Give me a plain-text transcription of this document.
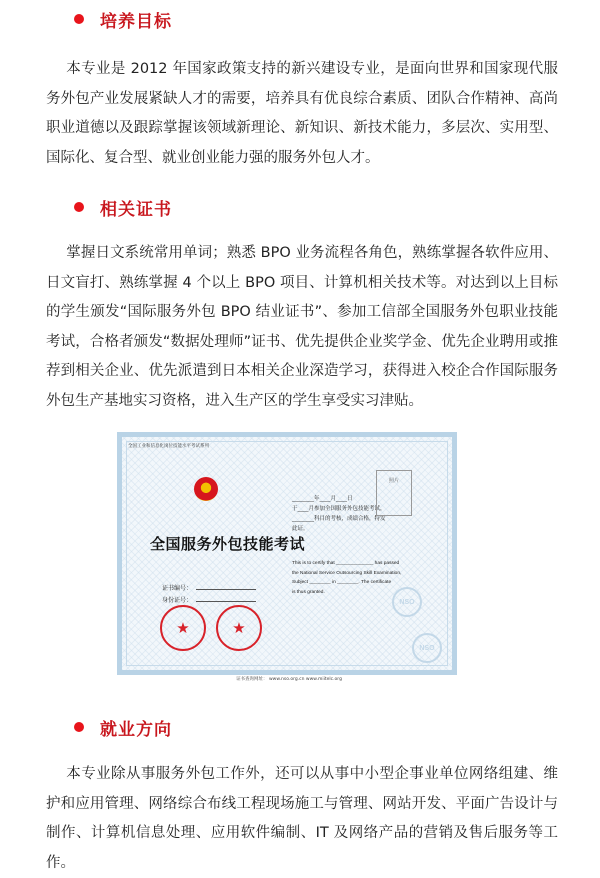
培养目标

本专业是 2012 年国家政策支持的新兴建设专业，是面向世界和国家现代服务外包产业发展紧缺人才的需要，培养具有优良综合素质、团队合作精神、高尚职业道德以及跟踪掌握该领域新理论、新知识、新技术能力，多层次、实用型、国际化、复合型、就业创业能力强的服务外包人才。

相关证书

掌握日文系统常用单词；熟悉 BPO 业务流程各角色，熟练掌握各软件应用、日文盲打、熟练掌握 4 个以上 BPO 项目、计算机相关技术等。对达到以上目标的学生颁发“国际服务外包 BPO 结业证书”、参加工信部全国服务外包职业技能考试，合格者颁发“数据处理师”证书、优先提供企业奖学金、优先企业聘用或推荐到相关企业、优先派遣到日本相关企业深造学习，获得进入校企合作国际服务外包生产基地实习资格，进入生产区的学生享受实习津贴。

全国工业和信息化岗位技能水平考试系列
全国服务外包技能考试
证书编号：
身份证号：
★	★
________年____月____日
于____月参加全国服务外包技能考试，
________科目的考核，成绩合格，特发
此证。
This is to certify that ______________ has passed
the National Service Outsourcing Skill Examination,
Subject ________ in ________. The certificate
is thus granted.
照片
NSO
NSO
证书查询网址： www.nso.org.cn www.miitelc.org
就业方向

本专业除从事服务外包工作外，还可以从事中小型企事业单位网络组建、维护和应用管理、网络综合布线工程现场施工与管理、网站开发、平面广告设计与制作、计算机信息处理、应用软件编制、IT 及网络产品的营销及售后服务等工作。
